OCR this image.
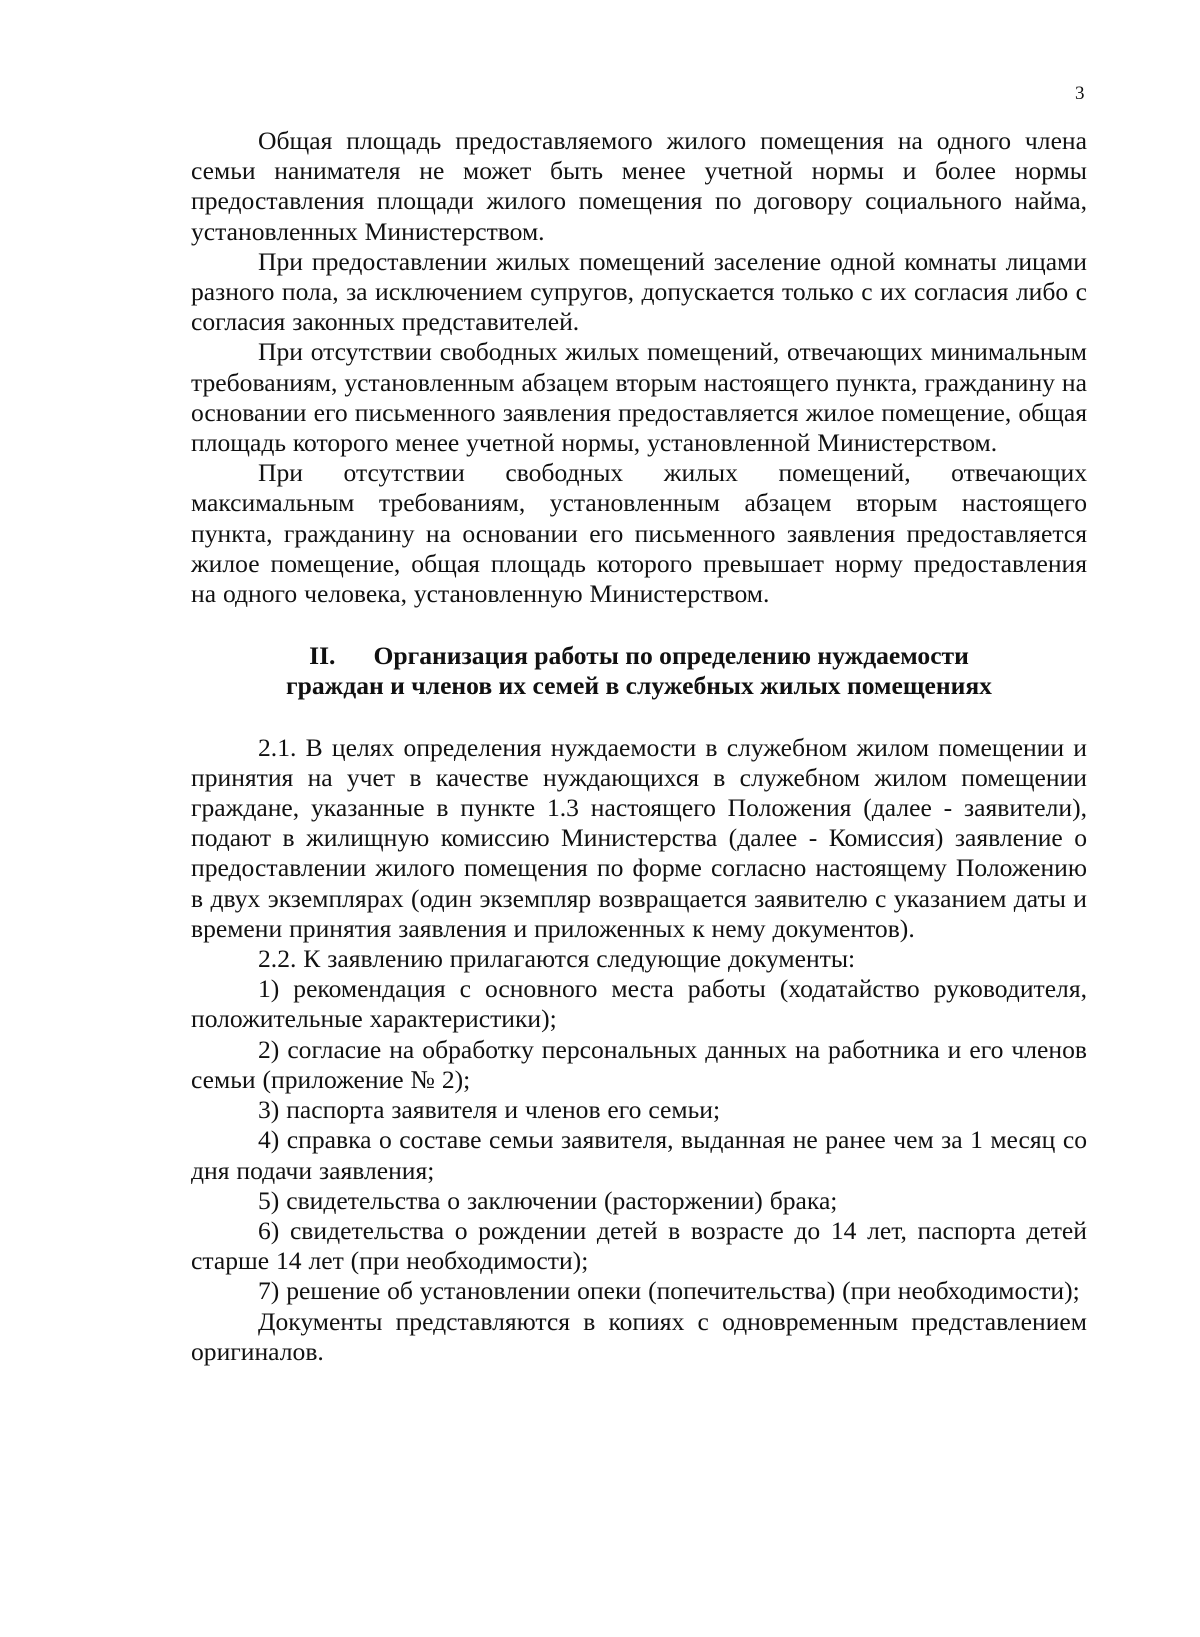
3

Общая площадь предоставляемого жилого помещения на одного члена семьи нанимателя не может быть менее учетной нормы и более нормы предоставления площади жилого помещения по договору социального найма, установленных Министерством.

При предоставлении жилых помещений заселение одной комнаты лицами разного пола, за исключением супругов, допускается только с их согласия либо с согласия законных представителей.

При отсутствии свободных жилых помещений, отвечающих минимальным требованиям, установленным абзацем вторым настоящего пункта, гражданину на основании его письменного заявления предоставляется жилое помещение, общая площадь которого менее учетной нормы, установленной Министерством.

При отсутствии свободных жилых помещений, отвечающих максимальным требованиям, установленным абзацем вторым настоящего пункта, гражданину на основании его письменного заявления предоставляется жилое помещение, общая площадь которого превышает норму предоставления на одного человека, установленную Министерством.

II. Организация работы по определению нуждаемости
граждан и членов их семей в служебных жилых помещениях

2.1. В целях определения нуждаемости в служебном жилом помещении и принятия на учет в качестве нуждающихся в служебном жилом помещении граждане, указанные в пункте 1.3 настоящего Положения (далее - заявители), подают в жилищную комиссию Министерства (далее - Комиссия) заявление о предоставлении жилого помещения по форме согласно настоящему Положению в двух экземплярах (один экземпляр возвращается заявителю с указанием даты и времени принятия заявления и приложенных к нему документов).

2.2. К заявлению прилагаются следующие документы:

1) рекомендация с основного места работы (ходатайство руководителя, положительные характеристики);

2) согласие на обработку персональных данных на работника и его членов семьи (приложение № 2);

3) паспорта заявителя и членов его семьи;

4) справка о составе семьи заявителя, выданная не ранее чем за 1 месяц со дня подачи заявления;

5) свидетельства о заключении (расторжении) брака;

6) свидетельства о рождении детей в возрасте до 14 лет, паспорта детей старше 14 лет (при необходимости);

7) решение об установлении опеки (попечительства) (при необходимости);

Документы представляются в копиях с одновременным представлением оригиналов.
